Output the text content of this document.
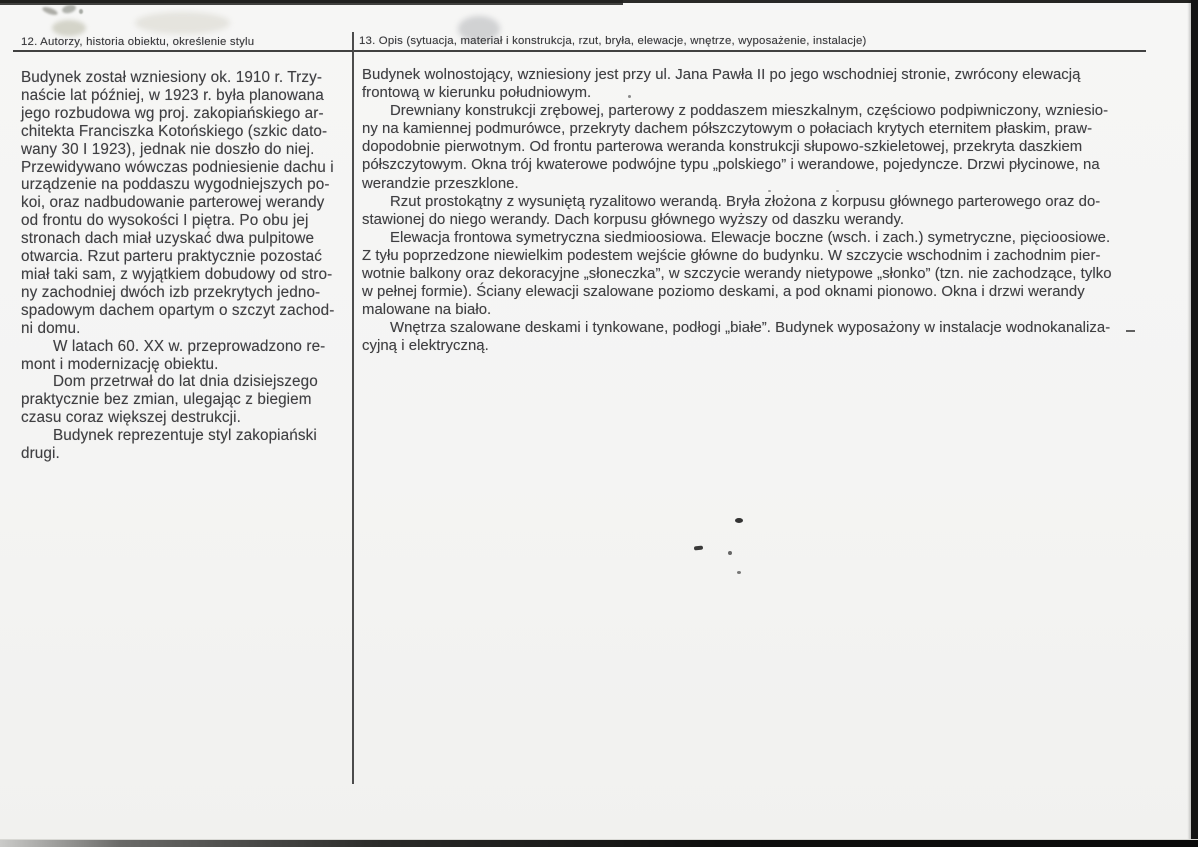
12. Autorzy, historia obiektu, określenie stylu
Budynek został wzniesiony ok. 1910 r. Trzy-
naście lat później, w 1923 r. była planowana
jego rozbudowa wg proj. zakopiańskiego ar-
chitekta Franciszka Kotońskiego (szkic dato-
wany 30 I 1923), jednak nie doszło do niej.
Przewidywano wówczas podniesienie dachu i
urządzenie na poddaszu wygodniejszych po-
koi, oraz nadbudowanie parterowej werandy
od frontu do wysokości I piętra. Po obu jej
stronach dach miał uzyskać dwa pulpitowe
otwarcia. Rzut parteru praktycznie pozostać
miał taki sam, z wyjątkiem dobudowy od stro-
ny zachodniej dwóch izb przekrytych jedno-
spadowym dachem opartym o szczyt zachod-
ni domu.
W latach 60. XX w. przeprowadzono re-
mont i modernizację obiektu.
Dom przetrwał do lat dnia dzisiejszego
praktycznie bez zmian, ulegając z biegiem
czasu coraz większej destrukcji.
Budynek reprezentuje styl zakopiański
drugi.
13. Opis (sytuacja, materiał i konstrukcja, rzut, bryła, elewacje, wnętrze, wyposażenie, instalacje)
Budynek wolnostojący, wzniesiony jest przy ul. Jana Pawła II po jego wschodniej stronie, zwrócony elewacją
frontową w kierunku południowym.
Drewniany konstrukcji zrębowej, parterowy z poddaszem mieszkalnym, częściowo podpiwniczony, wzniesio-
ny na kamiennej podmurówce, przekryty dachem półszczytowym o połaciach krytych eternitem płaskim, praw-
dopodobnie pierwotnym. Od frontu parterowa weranda konstrukcji słupowo-szkieletowej, przekryta daszkiem
półszczytowym. Okna trój kwaterowe podwójne typu „polskiego” i werandowe, pojedyncze. Drzwi płycinowe, na
werandzie przeszklone.
Rzut prostokątny z wysuniętą ryzalitowo werandą. Bryła złożona z korpusu głównego parterowego oraz do-
stawionej do niego werandy. Dach korpusu głównego wyższy od daszku werandy.
Elewacja frontowa symetryczna siedmioosiowa. Elewacje boczne (wsch. i zach.) symetryczne, pięcioosiowe.
Z tyłu poprzedzone niewielkim podestem wejście główne do budynku. W szczycie wschodnim i zachodnim pier-
wotnie balkony oraz dekoracyjne „słoneczka”, w szczycie werandy nietypowe „słonko” (tzn. nie zachodzące, tylko
w pełnej formie). Ściany elewacji szalowane poziomo deskami, a pod oknami pionowo. Okna i drzwi werandy
malowane na biało.
Wnętrza szalowane deskami i tynkowane, podłogi „białe”. Budynek wyposażony w instalacje wodnokanaliza-
cyjną i elektryczną.
